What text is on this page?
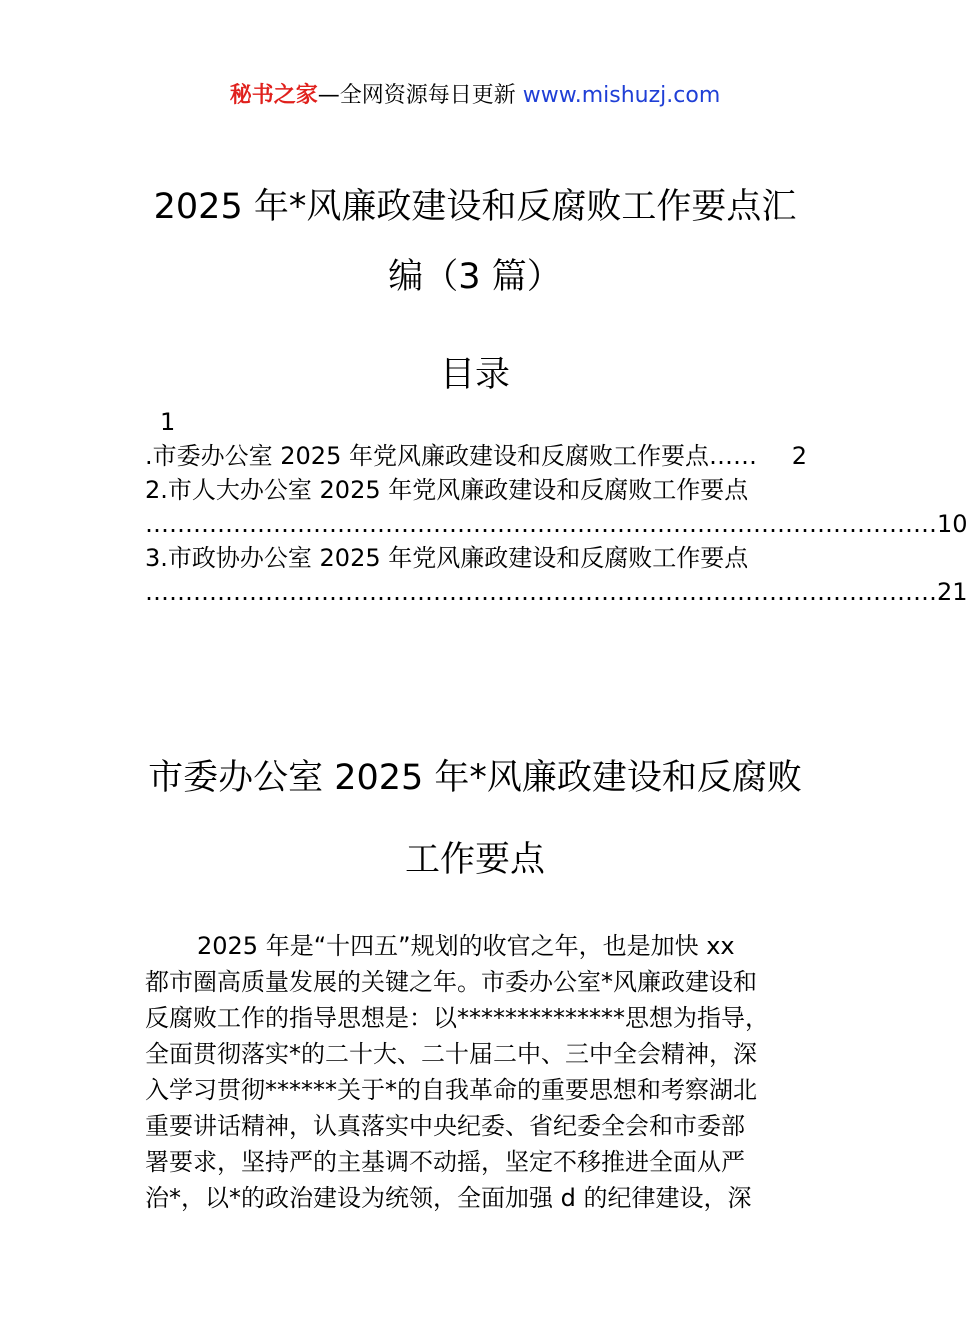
秘书之家—全网资源每日更新 www.mishuzj.com
2025 年*风廉政建设和反腐败工作要点汇
编（3 篇）
目录
1
.市委办公室 2025 年党风廉政建设和反腐败工作要点 ……	2
2.市人大办公室 2025 年党风廉政建设和反腐败工作要点
……………………………………………………………………………………… 10
3.市政协办公室 2025 年党风廉政建设和反腐败工作要点
……………………………………………………………………………………… 21
市委办公室 2025 年*风廉政建设和反腐败
工作要点
2025 年是“十四五”规划的收官之年，也是加快 xx
都市圈高质量发展的关键之年。市委办公室*风廉政建设和
反腐败工作的指导思想是：以**************思想为指导，
全面贯彻落实*的二十大、二十届二中、三中全会精神，深
入学习贯彻******关于*的自我革命的重要思想和考察湖北
重要讲话精神，认真落实中央纪委、省纪委全会和市委部
署要求，坚持严的主基调不动摇，坚定不移推进全面从严
治*，以*的政治建设为统领，全面加强 d 的纪律建设，深
